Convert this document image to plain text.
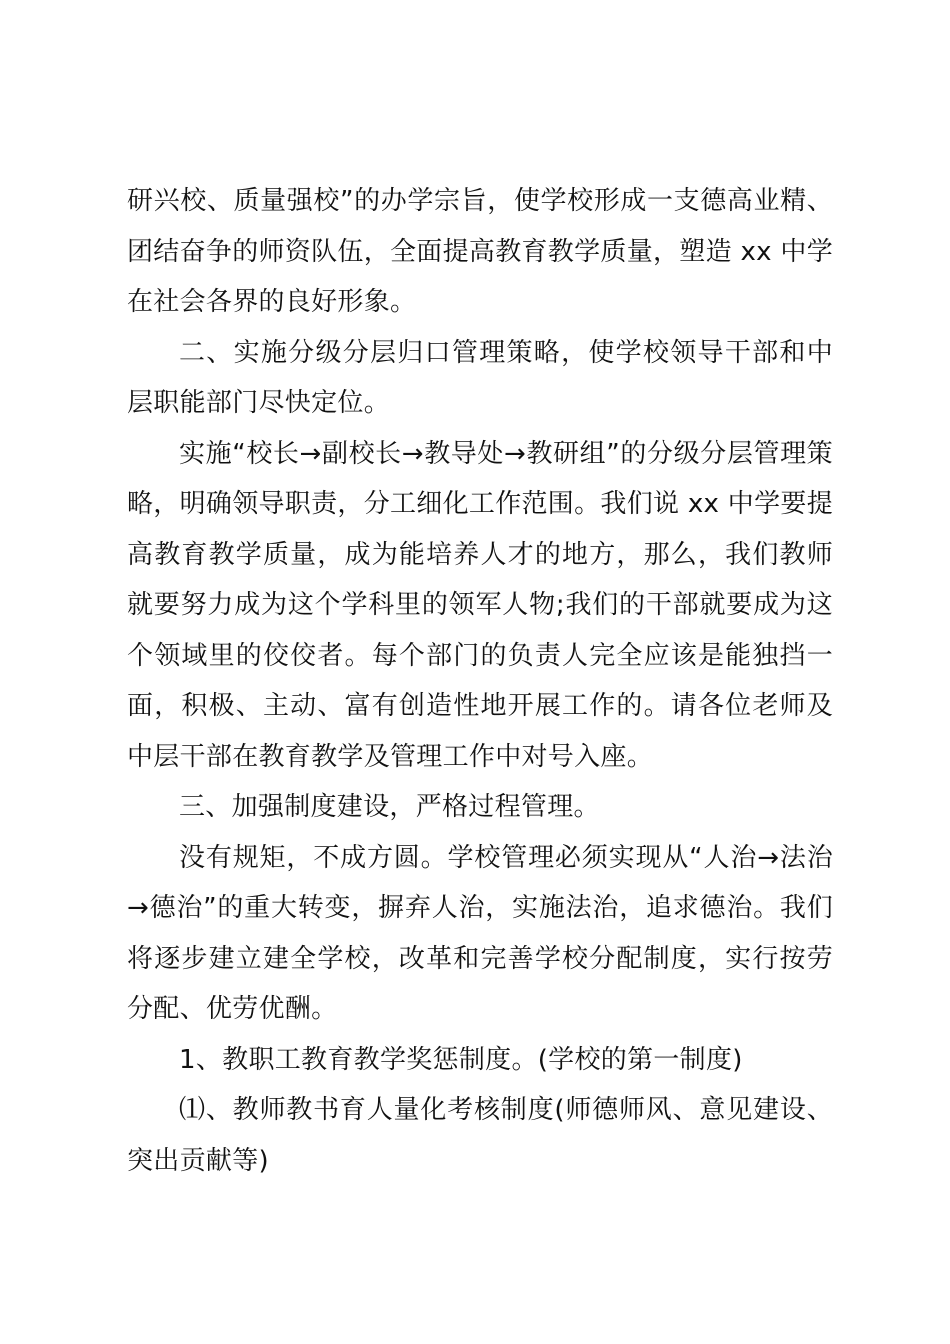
研兴校、质量强校”的办学宗旨，使学校形成一支德高业精、团结奋争的师资队伍，全面提高教育教学质量，塑造 xx 中学在社会各界的良好形象。

二、实施分级分层归口管理策略，使学校领导干部和中层职能部门尽快定位。

实施“校长→副校长→教导处→教研组”的分级分层管理策略，明确领导职责，分工细化工作范围。我们说 xx 中学要提高教育教学质量，成为能培养人才的地方，那么，我们教师就要努力成为这个学科里的领军人物;我们的干部就要成为这个领域里的佼佼者。每个部门的负责人完全应该是能独挡一面，积极、主动、富有创造性地开展工作的。请各位老师及中层干部在教育教学及管理工作中对号入座。

三、加强制度建设，严格过程管理。

没有规矩，不成方圆。学校管理必须实现从“人治→法治→德治”的重大转变，摒弃人治，实施法治，追求德治。我们将逐步建立建全学校，改革和完善学校分配制度，实行按劳分配、优劳优酬。

1、教职工教育教学奖惩制度。(学校的第一制度)

⑴、教师教书育人量化考核制度(师德师风、意见建设、突出贡献等)
